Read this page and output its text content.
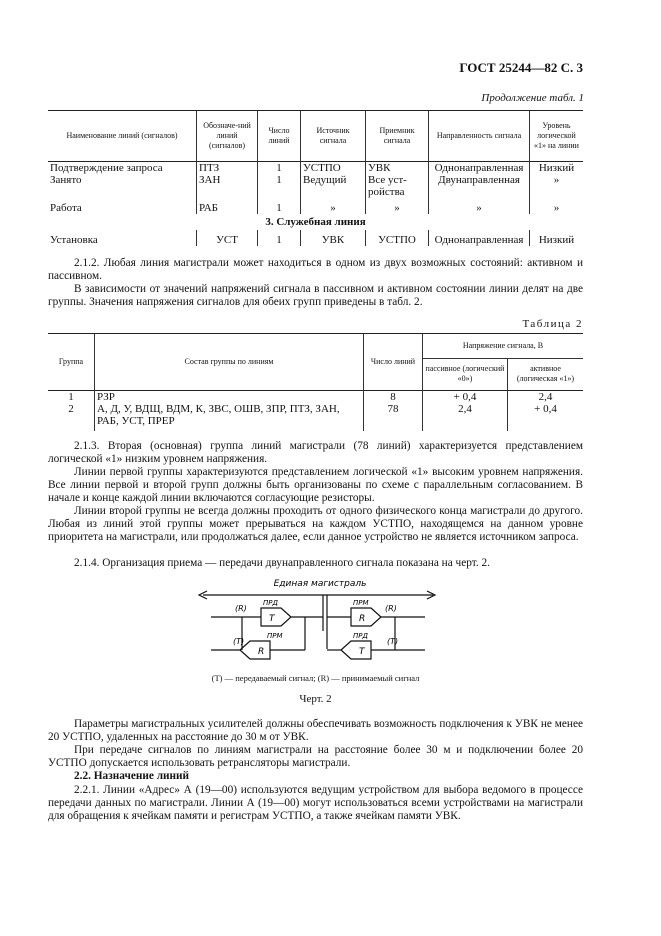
ГОСТ 25244—82 С. 3
Продолжение табл. 1
Наименование линий (сигналов)	Обозначе-ний линий (сигналов)	Число линий	Источник сигнала	Приемник сигнала	Направленность сигнала	Уровень логической «1» на линии
Подтверждение запроса	ПТЗ	1	УСТПО	УВК	Однонаправленная	Низкий
Занято	ЗАН	1	Ведущий	Все уст-ройства	Двунаправленная	»
Работа	РАБ	1	»	»	»	»
3. Служебная линия						
Установка	УСТ	1	УВК	УСТПО	Однонаправленная	Низкий
2.1.2. Любая линия магистрали может находиться в одном из двух возможных состояний: активном и пассивном.
В зависимости от значений напряжений сигнала в пассивном и активном состоянии линии делят на две группы. Значения напряжения сигналов для обеих групп приведены в табл. 2.
Таблица 2
Группа	Состав группы по линиям	Число линий	Напряжение сигнала, В	
			пассивное (логический «0»)	активное (логическая «1»)
1	РЗР	8	+ 0,4	2,4
2	А, Д, У, ВДЩ, ВДМ, К, ЗВС, ОШВ, ЗПР, ПТЗ, ЗАН, РАБ, УСТ, ПРЕР	78	2,4	+ 0,4
2.1.3. Вторая (основная) группа линий магистрали (78 линий) характеризуется представлением логической «1» низким уровнем напряжения.
Линии первой группы характеризуются представлением логической «1» высоким уровнем напряжения. Все линии первой и второй групп должны быть организованы по схеме с параллельным согласованием. В начале и конце каждой линии включаются согласующие резисторы.
Линии второй группы не всегда должны проходить от одного физического конца магистрали до другого. Любая из линий этой группы может прерываться на каждом УСТПО, находящемся на данном уровне приоритета на магистрали, или продолжаться далее, если данное устройство не является источником запроса.
2.1.4. Организация приема — передачи двунаправленного сигнала показана на черт. 2.
Единая магистраль
(R)
ПРД
T
ПРМ
R
(R)
(T)
ПРМ
R
ПРД
T
(T)
(T) — передаваемый сигнал; (R) — принимаемый сигнал
Черт. 2
Параметры магистральных усилителей должны обеспечивать возможность подключения к УВК не менее 20 УСТПО, удаленных на расстояние до 30 м от УВК.
При передаче сигналов по линиям магистрали на расстояние более 30 м и подключении более 20 УСТПО допускается использовать ретрансляторы магистрали.
2.2. Назначение линий
2.2.1. Линии «Адрес» А (19—00) используются ведущим устройством для выбора ведомого в процессе передачи данных по магистрали. Линии А (19—00) могут использоваться всеми устройствами на магистрали для обращения к ячейкам памяти и регистрам УСТПО, а также ячейкам памяти УВК.
